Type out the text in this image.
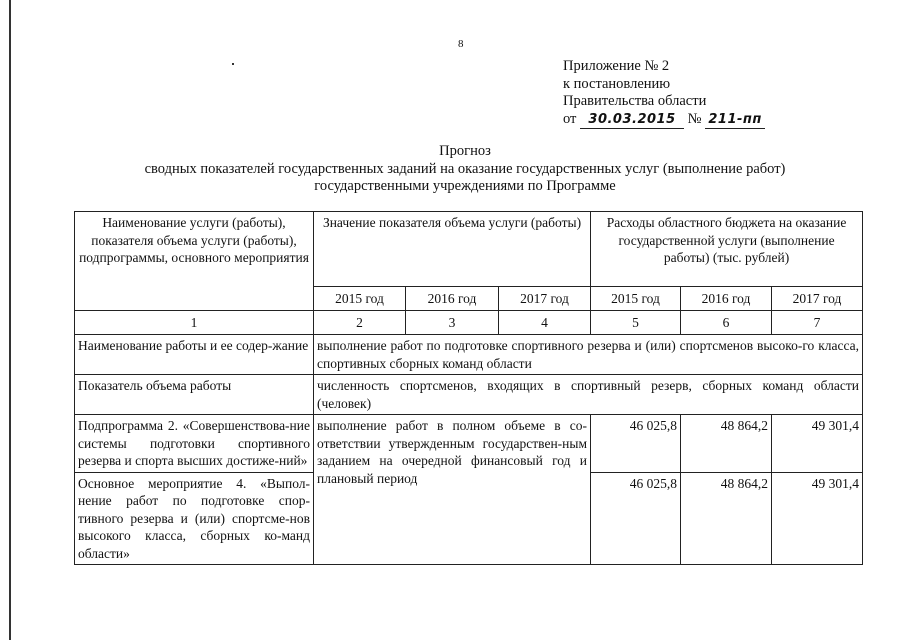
8
Приложение № 2
к постановлению
Правительства области
от 30.03.2015 № 211-пп
Прогноз
сводных показателей государственных заданий на оказание государственных услуг (выполнение работ)
государственными учреждениями по Программе
Наименование услуги (работы), показателя объема услуги (работы), подпрограммы, основного мероприятия	Значение показателя объема услуги (работы)			Расходы областного бюджета на оказание государственной услуги (выполнение работы) (тыс. рублей)		
	2015 год	2016 год	2017 год	2015 год	2016 год	2017 год
1	2	3	4	5	6	7
Наименование работы и ее содер-жание	выполнение работ по подготовке спортивного резерва и (или) спортсменов высоко-го класса, спортивных сборных команд области					
Показатель объема работы	численность спортсменов, входящих в спортивный резерв, сборных команд области (человек)					
Подпрограмма 2. «Совершенствова-ние системы подготовки спортивного резерва и спорта высших достиже-ний»	выполнение работ в полном объеме в со-ответствии утвержденным государствен-ным заданием на очередной финансовый год и плановый период			46 025,8	48 864,2	49 301,4
Основное мероприятие 4. «Выпол-нение работ по подготовке спор-тивного резерва и (или) спортсме-нов высокого класса, сборных ко-манд области»				46 025,8	48 864,2	49 301,4
